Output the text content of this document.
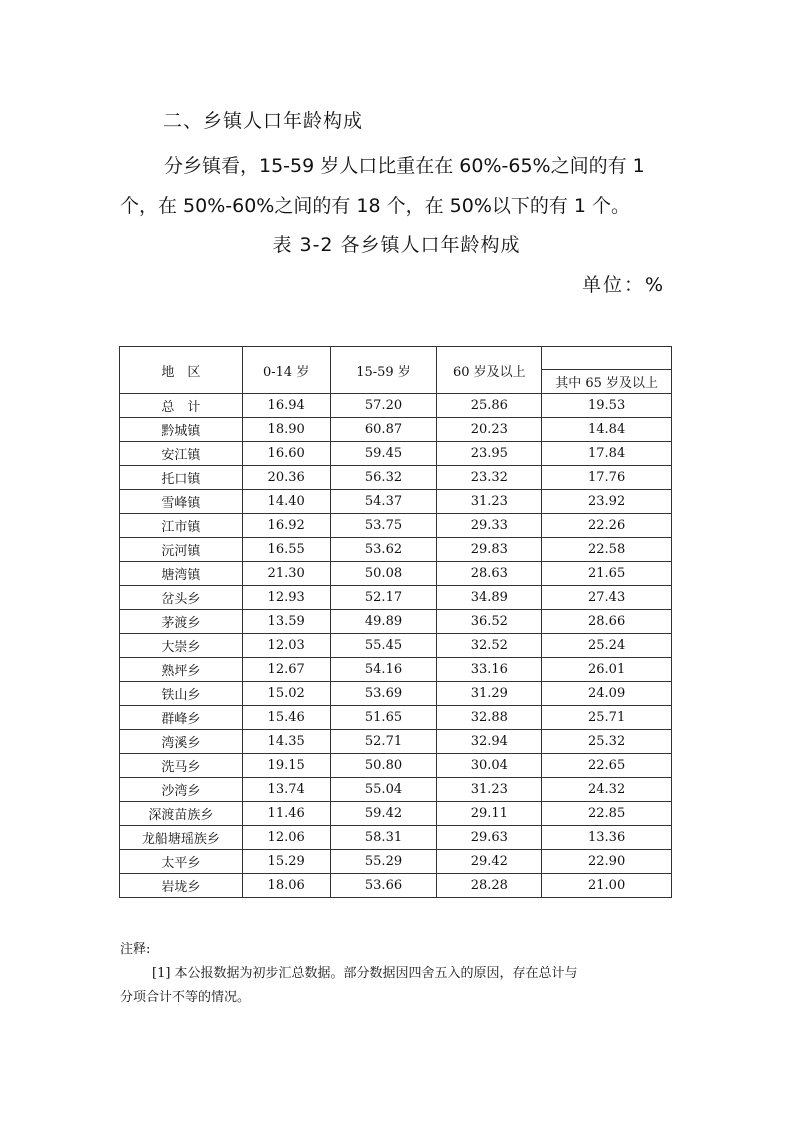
二、乡镇人口年龄构成
分乡镇看，15-59 岁人口比重在在 60%-65%之间的有 1
个，在 50%-60%之间的有 18 个，在 50%以下的有 1 个。
表 3-2 各乡镇人口年龄构成
单位：%
地　区	0-14 岁	15-59 岁	60 岁及以上	
				其中 65 岁及以上
总　计	16.94	57.20	25.86	19.53
黔城镇	18.90	60.87	20.23	14.84
安江镇	16.60	59.45	23.95	17.84
托口镇	20.36	56.32	23.32	17.76
雪峰镇	14.40	54.37	31.23	23.92
江市镇	16.92	53.75	29.33	22.26
沅河镇	16.55	53.62	29.83	22.58
塘湾镇	21.30	50.08	28.63	21.65
岔头乡	12.93	52.17	34.89	27.43
茅渡乡	13.59	49.89	36.52	28.66
大崇乡	12.03	55.45	32.52	25.24
熟坪乡	12.67	54.16	33.16	26.01
铁山乡	15.02	53.69	31.29	24.09
群峰乡	15.46	51.65	32.88	25.71
湾溪乡	14.35	52.71	32.94	25.32
洗马乡	19.15	50.80	30.04	22.65
沙湾乡	13.74	55.04	31.23	24.32
深渡苗族乡	11.46	59.42	29.11	22.85
龙船塘瑶族乡	12.06	58.31	29.63	13.36
太平乡	15.29	55.29	29.42	22.90
岩垅乡	18.06	53.66	28.28	21.00
注释:
[1] 本公报数据为初步汇总数据。部分数据因四舍五入的原因，存在总计与
分项合计不等的情况。
